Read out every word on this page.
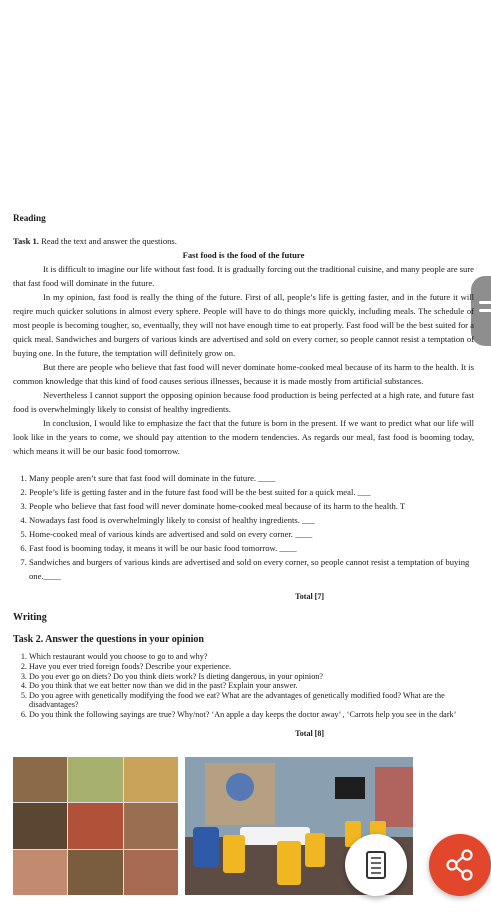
Reading

Task 1. Read the text and answer the questions.

Fast food is the food of the future

It is difficult to imagine our life without fast food. It is gradually forcing out the traditional cuisine, and many people are sure that fast food will dominate in the future.

In my opinion, fast food is really the thing of the future. First of all, people’s life is getting faster, and in the future it will reqire much quicker solutions in almost every sphere. People will have to do things more quickly, including meals. The schedule of most people is becoming tougher, so, eventually, they will not have enough time to eat properly. Fast food will be the best suited for a quick meal. Sandwiches and burgers of various kinds are advertised and sold on every corner, so people cannot resist a temptation of buying one. In the future, the temptation will definitely grow on.

But there are people who believe that fast food will never dominate home-cooked meal because of its harm to the health. It is common knowledge that this kind of food causes serious illnesses, because it is made mostly from artificial substances.

Nevertheless I cannot support the opposing opinion because food production is being perfected at a high rate, and future fast food is overwhelmingly likely to consist of healthy ingredients.

In conclusion, I would like to emphasize the fact that the future is born in the present. If we want to predict what our life will look like in the years to come, we should pay attention to the modern tendencies. As regards our meal, fast food is booming today, which means it will be our basic food tomorrow.

1. Many people aren’t sure that fast food will dominate in the future. ____
2. People’s life is getting faster and in the future fast food will be the best suited for a quick meal. ___
3. People who believe that fast food will never dominate home-cooked meal because of its harm to the health. T
4. Nowadays fast food is overwhelmingly likely to consist of healthy ingredients. ___
5. Home-cooked meal of various kinds are advertised and sold on every corner. ____
6. Fast food is booming today, it means it will be our basic food tomorrow. ____
7. Sandwiches and burgers of various kinds are advertised and sold on every corner, so people cannot resist a temptation of buying one.____

Total [7]

Writing

Task 2. Answer the questions in your opinion

1. Which restaurant would you choose to go to and why?
2. Have you ever tried foreign foods? Describe your experience.
3. Do you ever go on diets? Do you think diets work? Is dieting dangerous, in your opinion?
4. Do you think that we eat better now than we did in the past? Explain your answer.
5. Do you agree with genetically modifying the food we eat? What are the advantages of genetically modified food? What are the disadvantages?
6. Do you think the following sayings are true? Why/not? ‘An apple a day keeps the doctor away’ , ‘Carrots help you see in the dark’

Total [8]
